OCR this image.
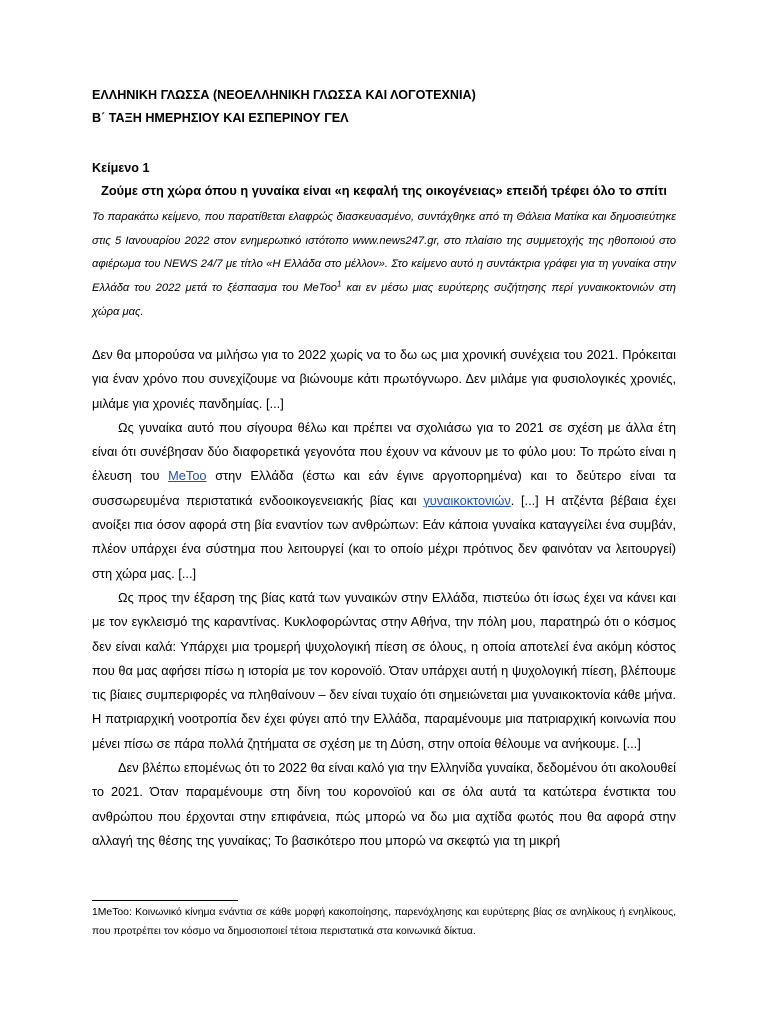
ΕΛΛΗΝΙΚΗ ΓΛΩΣΣΑ (ΝΕΟΕΛΛΗΝΙΚΗ ΓΛΩΣΣΑ ΚΑΙ ΛΟΓΟΤΕΧΝΙΑ)

Β΄ ΤΑΞΗ ΗΜΕΡΗΣΙΟΥ ΚΑΙ ΕΣΠΕΡΙΝΟΥ ΓΕΛ

Κείμενο 1

Ζούμε στη χώρα όπου η γυναίκα είναι «η κεφαλή της οικογένειας» επειδή τρέφει όλο το σπίτι

Το παρακάτω κείμενο, που παρατίθεται ελαφρώς διασκευασμένο, συντάχθηκε από τη Θάλεια Ματίκα και δημοσιεύτηκε στις 5 Ιανουαρίου 2022 στον ενημερωτικό ιστότοπο www.news247.gr, στο πλαίσιο της συμμετοχής της ηθοποιού στο αφιέρωμα του NEWS 24/7 με τίτλο «Η Ελλάδα στο μέλλον». Στο κείμενο αυτό η συντάκτρια γράφει για τη γυναίκα στην Ελλάδα του 2022 μετά το ξέσπασμα του MeToo$^1$ και εν μέσω μιας ευρύτερης συζήτησης περί γυναικοκτονιών στη χώρα μας.

Δεν θα μπορούσα να μιλήσω για το 2022 χωρίς να το δω ως μια χρονική συνέχεια του 2021. Πρόκειται για έναν χρόνο που συνεχίζουμε να βιώνουμε κάτι πρωτόγνωρο. Δεν μιλάμε για φυσιολογικές χρονιές, μιλάμε για χρονιές πανδημίας. [...]

Ως γυναίκα αυτό που σίγουρα θέλω και πρέπει να σχολιάσω για το 2021 σε σχέση με άλλα έτη είναι ότι συνέβησαν δύο διαφορετικά γεγονότα που έχουν να κάνουν με το φύλο μου: Το πρώτο είναι η έλευση του MeToo στην Ελλάδα (έστω και εάν έγινε αργοπορημένα) και το δεύτερο είναι τα συσσωρευμένα περιστατικά ενδοοικογενειακής βίας και γυναικοκτονιών. [...] Η ατζέντα βέβαια έχει ανοίξει πια όσον αφορά στη βία εναντίον των ανθρώπων: Εάν κάποια γυναίκα καταγγείλει ένα συμβάν, πλέον υπάρχει ένα σύστημα που λειτουργεί (και το οποίο μέχρι πρότινος δεν φαινόταν να λειτουργεί) στη χώρα μας. [...]

Ως προς την έξαρση της βίας κατά των γυναικών στην Ελλάδα, πιστεύω ότι ίσως έχει να κάνει και με τον εγκλεισμό της καραντίνας. Κυκλοφορώντας στην Αθήνα, την πόλη μου, παρατηρώ ότι ο κόσμος δεν είναι καλά: Υπάρχει μια τρομερή ψυχολογική πίεση σε όλους, η οποία αποτελεί ένα ακόμη κόστος που θα μας αφήσει πίσω η ιστορία με τον κορονοϊό. Όταν υπάρχει αυτή η ψυχολογική πίεση, βλέπουμε τις βίαιες συμπεριφορές να πληθαίνουν – δεν είναι τυχαίο ότι σημειώνεται μια γυναικοκτονία κάθε μήνα. Η πατριαρχική νοοτροπία δεν έχει φύγει από την Ελλάδα, παραμένουμε μια πατριαρχική κοινωνία που μένει πίσω σε πάρα πολλά ζητήματα σε σχέση με τη Δύση, στην οποία θέλουμε να ανήκουμε. [...]

Δεν βλέπω επομένως ότι το 2022 θα είναι καλό για την Ελληνίδα γυναίκα, δεδομένου ότι ακολουθεί το 2021. Όταν παραμένουμε στη δίνη του κορονοϊού και σε όλα αυτά τα κατώτερα ένστικτα του ανθρώπου που έρχονται στην επιφάνεια, πώς μπορώ να δω μια αχτίδα φωτός που θα αφορά στην αλλαγή της θέσης της γυναίκας; Το βασικότερο που μπορώ να σκεφτώ για τη μικρή

1MeToo: Κοινωνικό κίνημα ενάντια σε κάθε μορφή κακοποίησης, παρενόχλησης και ευρύτερης βίας σε ανηλίκους ή ενηλίκους, που προτρέπει τον κόσμο να δημοσιοποιεί τέτοια περιστατικά στα κοινωνικά δίκτυα.
